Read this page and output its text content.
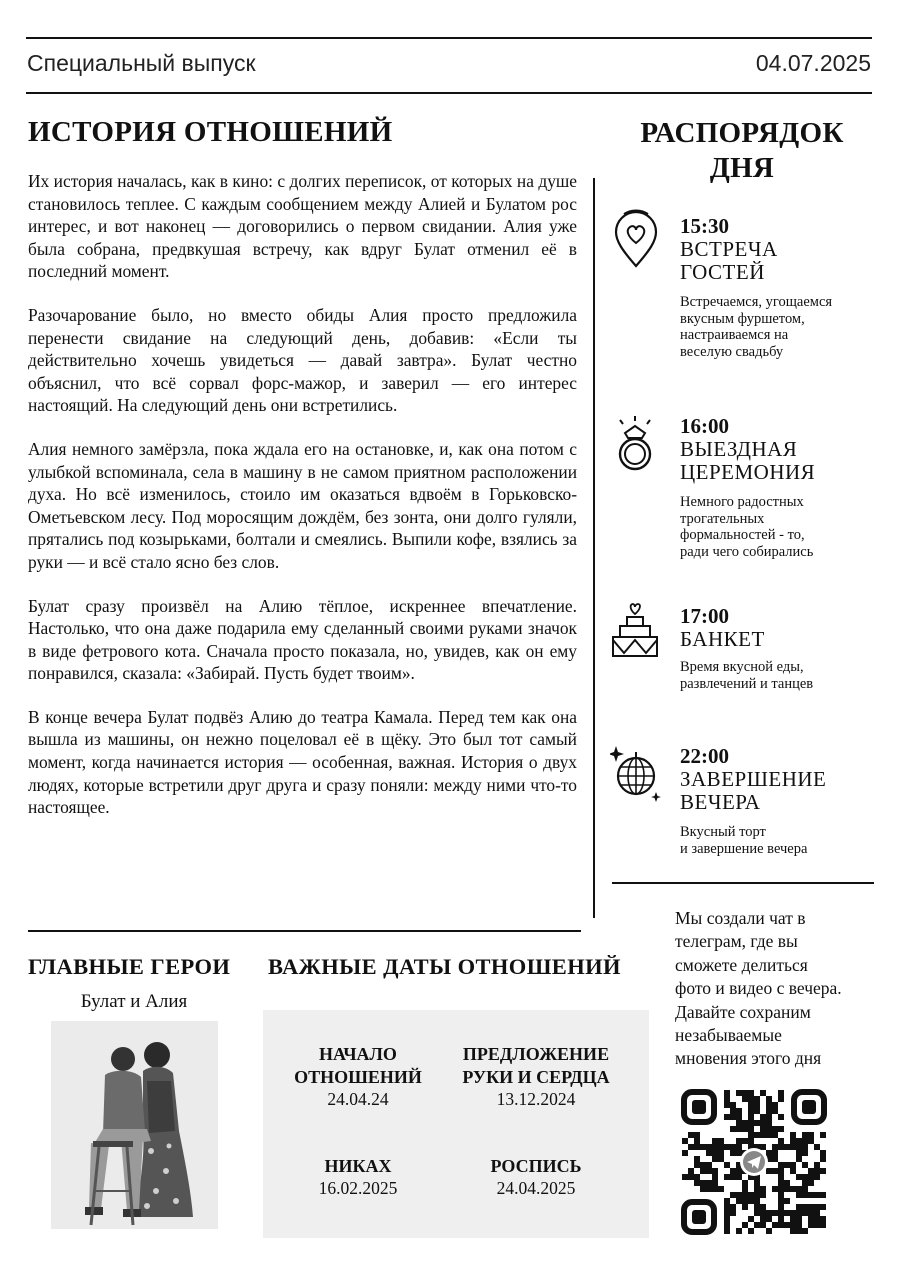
Специальный выпуск	04.07.2025
ИСТОРИЯ ОТНОШЕНИЙ

Их история началась, как в кино: с долгих переписок, от которых на душе становилось теплее. С каждым сообщением между Алией и Булатом рос интерес, и вот наконец — договорились о первом свидании. Алия уже была собрана, предвкушая встречу, как вдруг Булат отменил её в последний момент.

Разочарование было, но вместо обиды Алия просто предложила перенести свидание на следующий день, добавив: «Если ты действительно хочешь увидеться — давай завтра». Булат честно объяснил, что всё сорвал форс-мажор, и заверил — его интерес настоящий. На следующий день они встретились.

Алия немного замёрзла, пока ждала его на остановке, и, как она потом с улыбкой вспоминала, села в машину в не самом приятном расположении духа. Но всё изменилось, стоило им оказаться вдвоём в Горьковско-Ометьевском лесу. Под моросящим дождём, без зонта, они долго гуляли, прятались под козырьками, болтали и смеялись. Выпили кофе, взялись за руки — и всё стало ясно без слов.

Булат сразу произвёл на Алию тёплое, искреннее впечатление. Настолько, что она даже подарила ему сделанный своими руками значок в виде фетрового кота. Сначала просто показала, но, увидев, как он ему понравился, сказала: «Забирай. Пусть будет твоим».

В конце вечера Булат подвёз Алию до театра Камала. Перед тем как она вышла из машины, он нежно поцеловал её в щёку. Это был тот самый момент, когда начинается история — особенная, важная. История о двух людях, которые встретили друг друга и сразу поняли: между ними что-то настоящее.

РАСПОРЯДОК
ДНЯ
15:30
ВСТРЕЧА
ГОСТЕЙ
Встречаемся, угощаемся
вкусным фуршетом,
настраиваемся на
веселую свадьбу
16:00
ВЫЕЗДНАЯ
ЦЕРЕМОНИЯ
Немного радостных
трогательных
формальностей - то,
ради чего собирались
17:00
БАНКЕТ
Время вкусной еды,
развлечений и танцев
22:00
ЗАВЕРШЕНИЕ
ВЕЧЕРА
Вкусный торт
и завершение вечера
Мы создали чат в
телеграм, где вы
сможете делиться
фото и видео с вечера.
Давайте сохраним
незабываемые
мновения этого дня
ГЛАВНЫЕ ГЕРОИ
Булат и Алия
ВАЖНЫЕ ДАТЫ ОТНОШЕНИЙ
НАЧАЛО
ОТНОШЕНИЙ
24.04.24
ПРЕДЛОЖЕНИЕ
РУКИ И СЕРДЦА
13.12.2024
НИКАХ
16.02.2025
РОСПИСЬ
24.04.2025
